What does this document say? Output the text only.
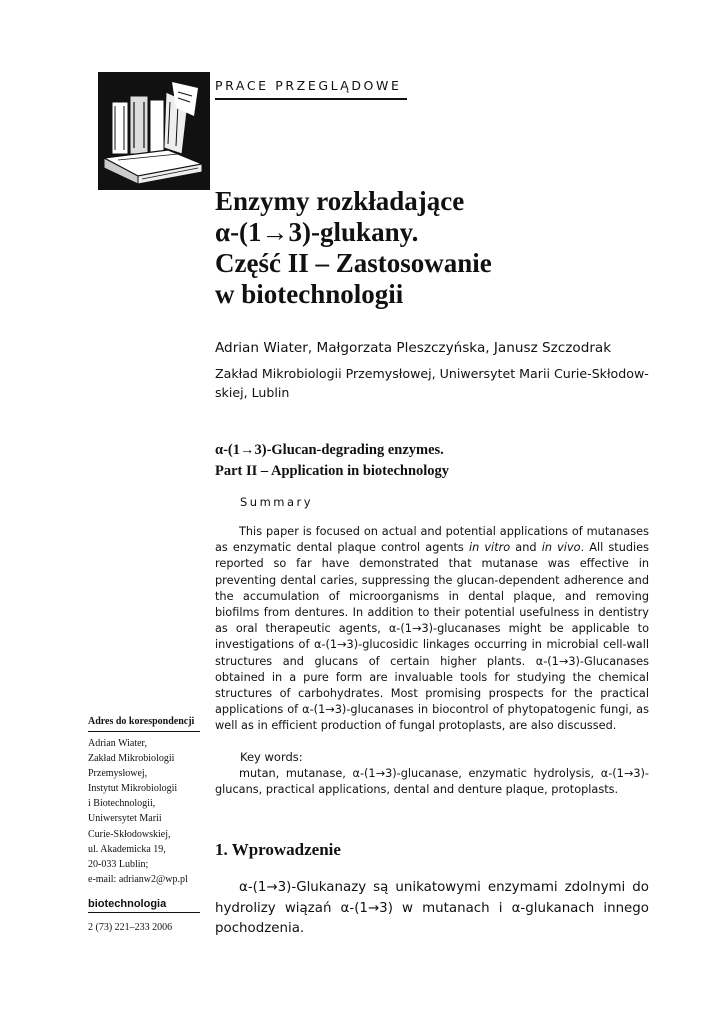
PRACE PRZEGLĄDOWE
Enzymy rozkładające
α-(1→3)-glukany.
Część II – Zastosowanie
w biotechnologii
Adrian Wiater, Małgorzata Pleszczyńska, Janusz Szczodrak
Zakład Mikrobiologii Przemysłowej, Uniwersytet Marii Curie-Skłodow-
skiej, Lublin
α-(1→3)-Glucan-degrading enzymes.
Part II – Application in biotechnology
Summary

This paper is focused on actual and potential applications of mutanases as enzymatic dental plaque control agents in vitro and in vivo. All studies reported so far have demonstrated that mutanase was effective in preventing dental caries, suppressing the glucan-dependent adherence and the accumulation of microorganisms in dental plaque, and removing biofilms from dentures. In addition to their potential usefulness in dentistry as oral therapeutic agents, α-(1→3)-glucanases might be applicable to investigations of α-(1→3)-glucosidic linkages occurring in microbial cell-wall structures and glucans of certain higher plants. α-(1→3)-Glucanases obtained in a pure form are invaluable tools for studying the chemical structures of carbohydrates. Most promising prospects for the practical applications of α-(1→3)-glucanases in biocontrol of phytopatogenic fungi, as well as in efficient production of fungal protoplasts, are also discussed.

Key words:

mutan, mutanase, α-(1→3)-glucanase, enzymatic hydrolysis, α-(1→3)-glucans, practical applications, dental and denture plaque, protoplasts.

1. Wprowadzenie

α-(1→3)-Glukanazy są unikatowymi enzymami zdolnymi do hydrolizy wiązań α-(1→3) w mutanach i α-glukanach innego pochodzenia.

Adres do korespondencji
Adrian Wiater,
Zakład Mikrobiologii
Przemysłowej,
Instytut Mikrobiologii
i Biotechnologii,
Uniwersytet Marii
Curie-Skłodowskiej,
ul. Akademicka 19,
20-033 Lublin;
e-mail: adrianw2@wp.pl
biotechnologia
2 (73) 221–233 2006
